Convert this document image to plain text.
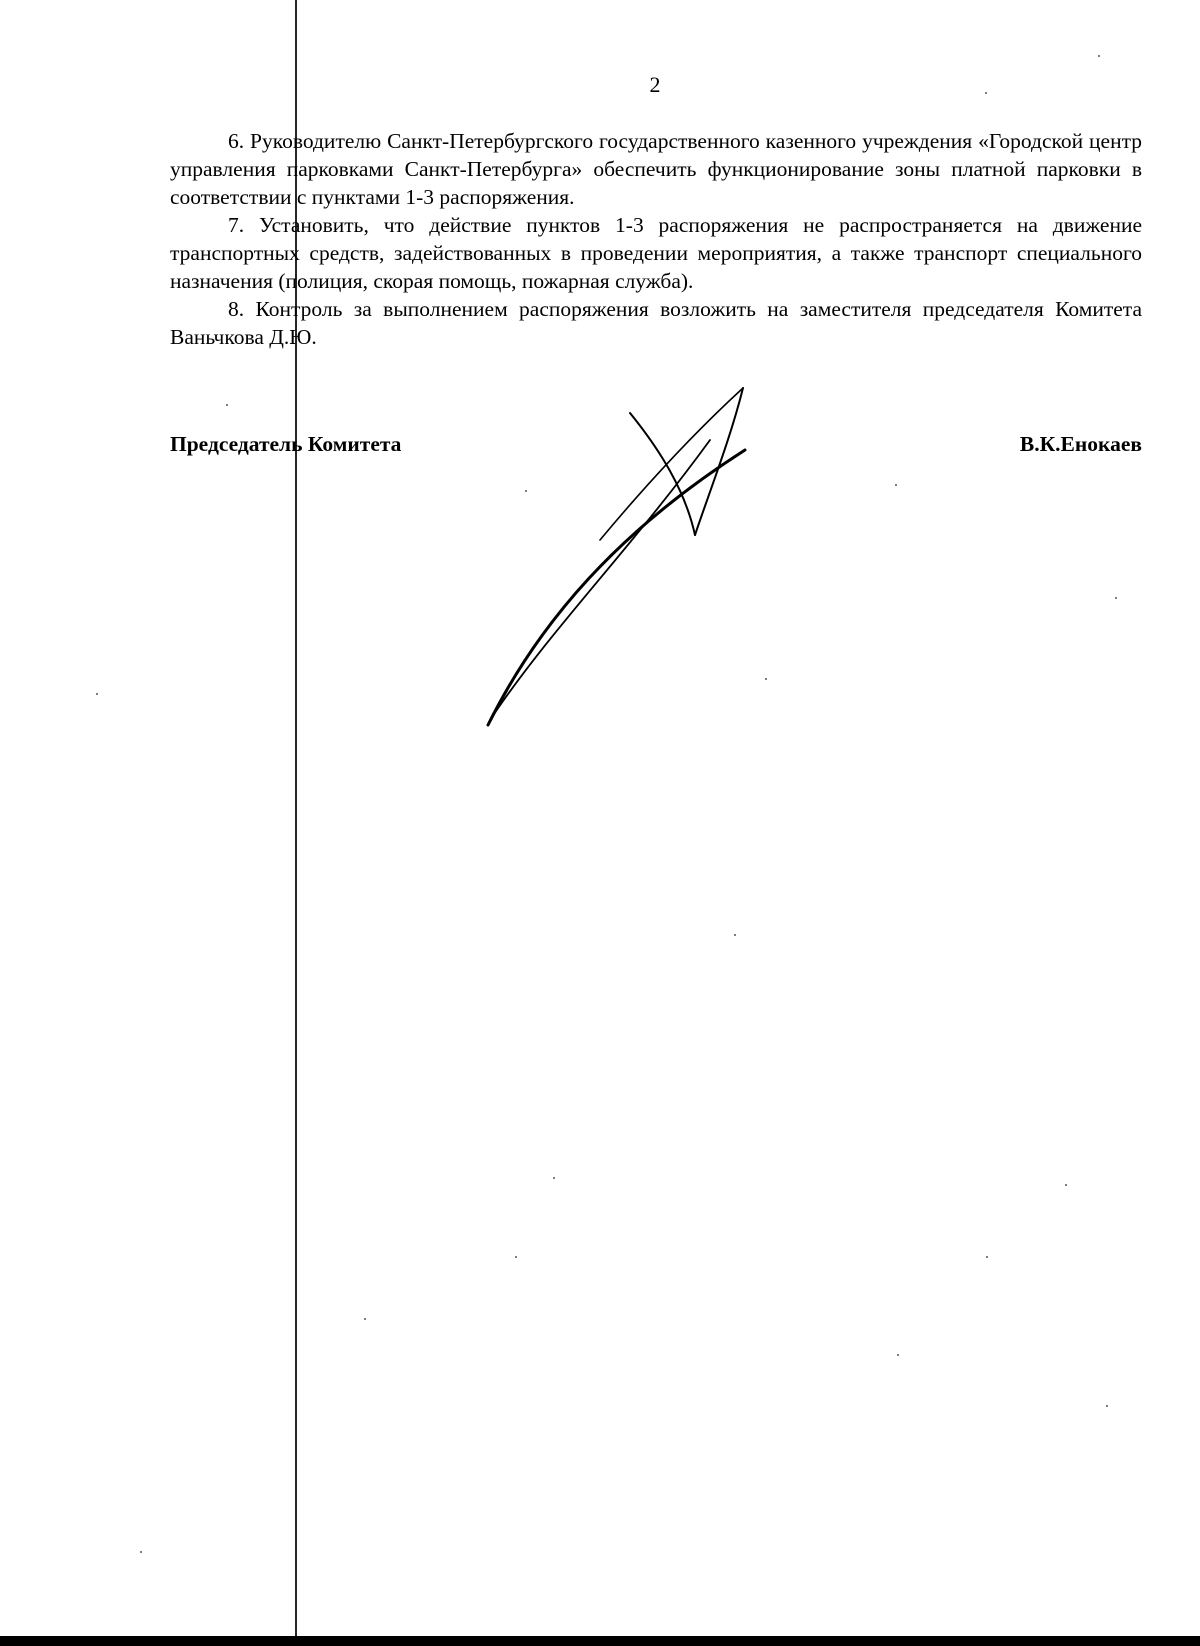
2

6. Руководителю Санкт-Петербургского государственного казенного учреждения «Городской центр управления парковками Санкт-Петербурга» обеспечить функционирование зоны платной парковки в соответствии с пунктами 1-3 распоряжения.

7. Установить, что действие пунктов 1-3 распоряжения не распространяется на движение транспортных средств, задействованных в проведении мероприятия, а также транспорт специального назначения (полиция, скорая помощь, пожарная служба).

8. Контроль за выполнением распоряжения возложить на заместителя председателя Комитета Ваньчкова Д.Ю.

Председатель Комитета	В.К.Енокаев
